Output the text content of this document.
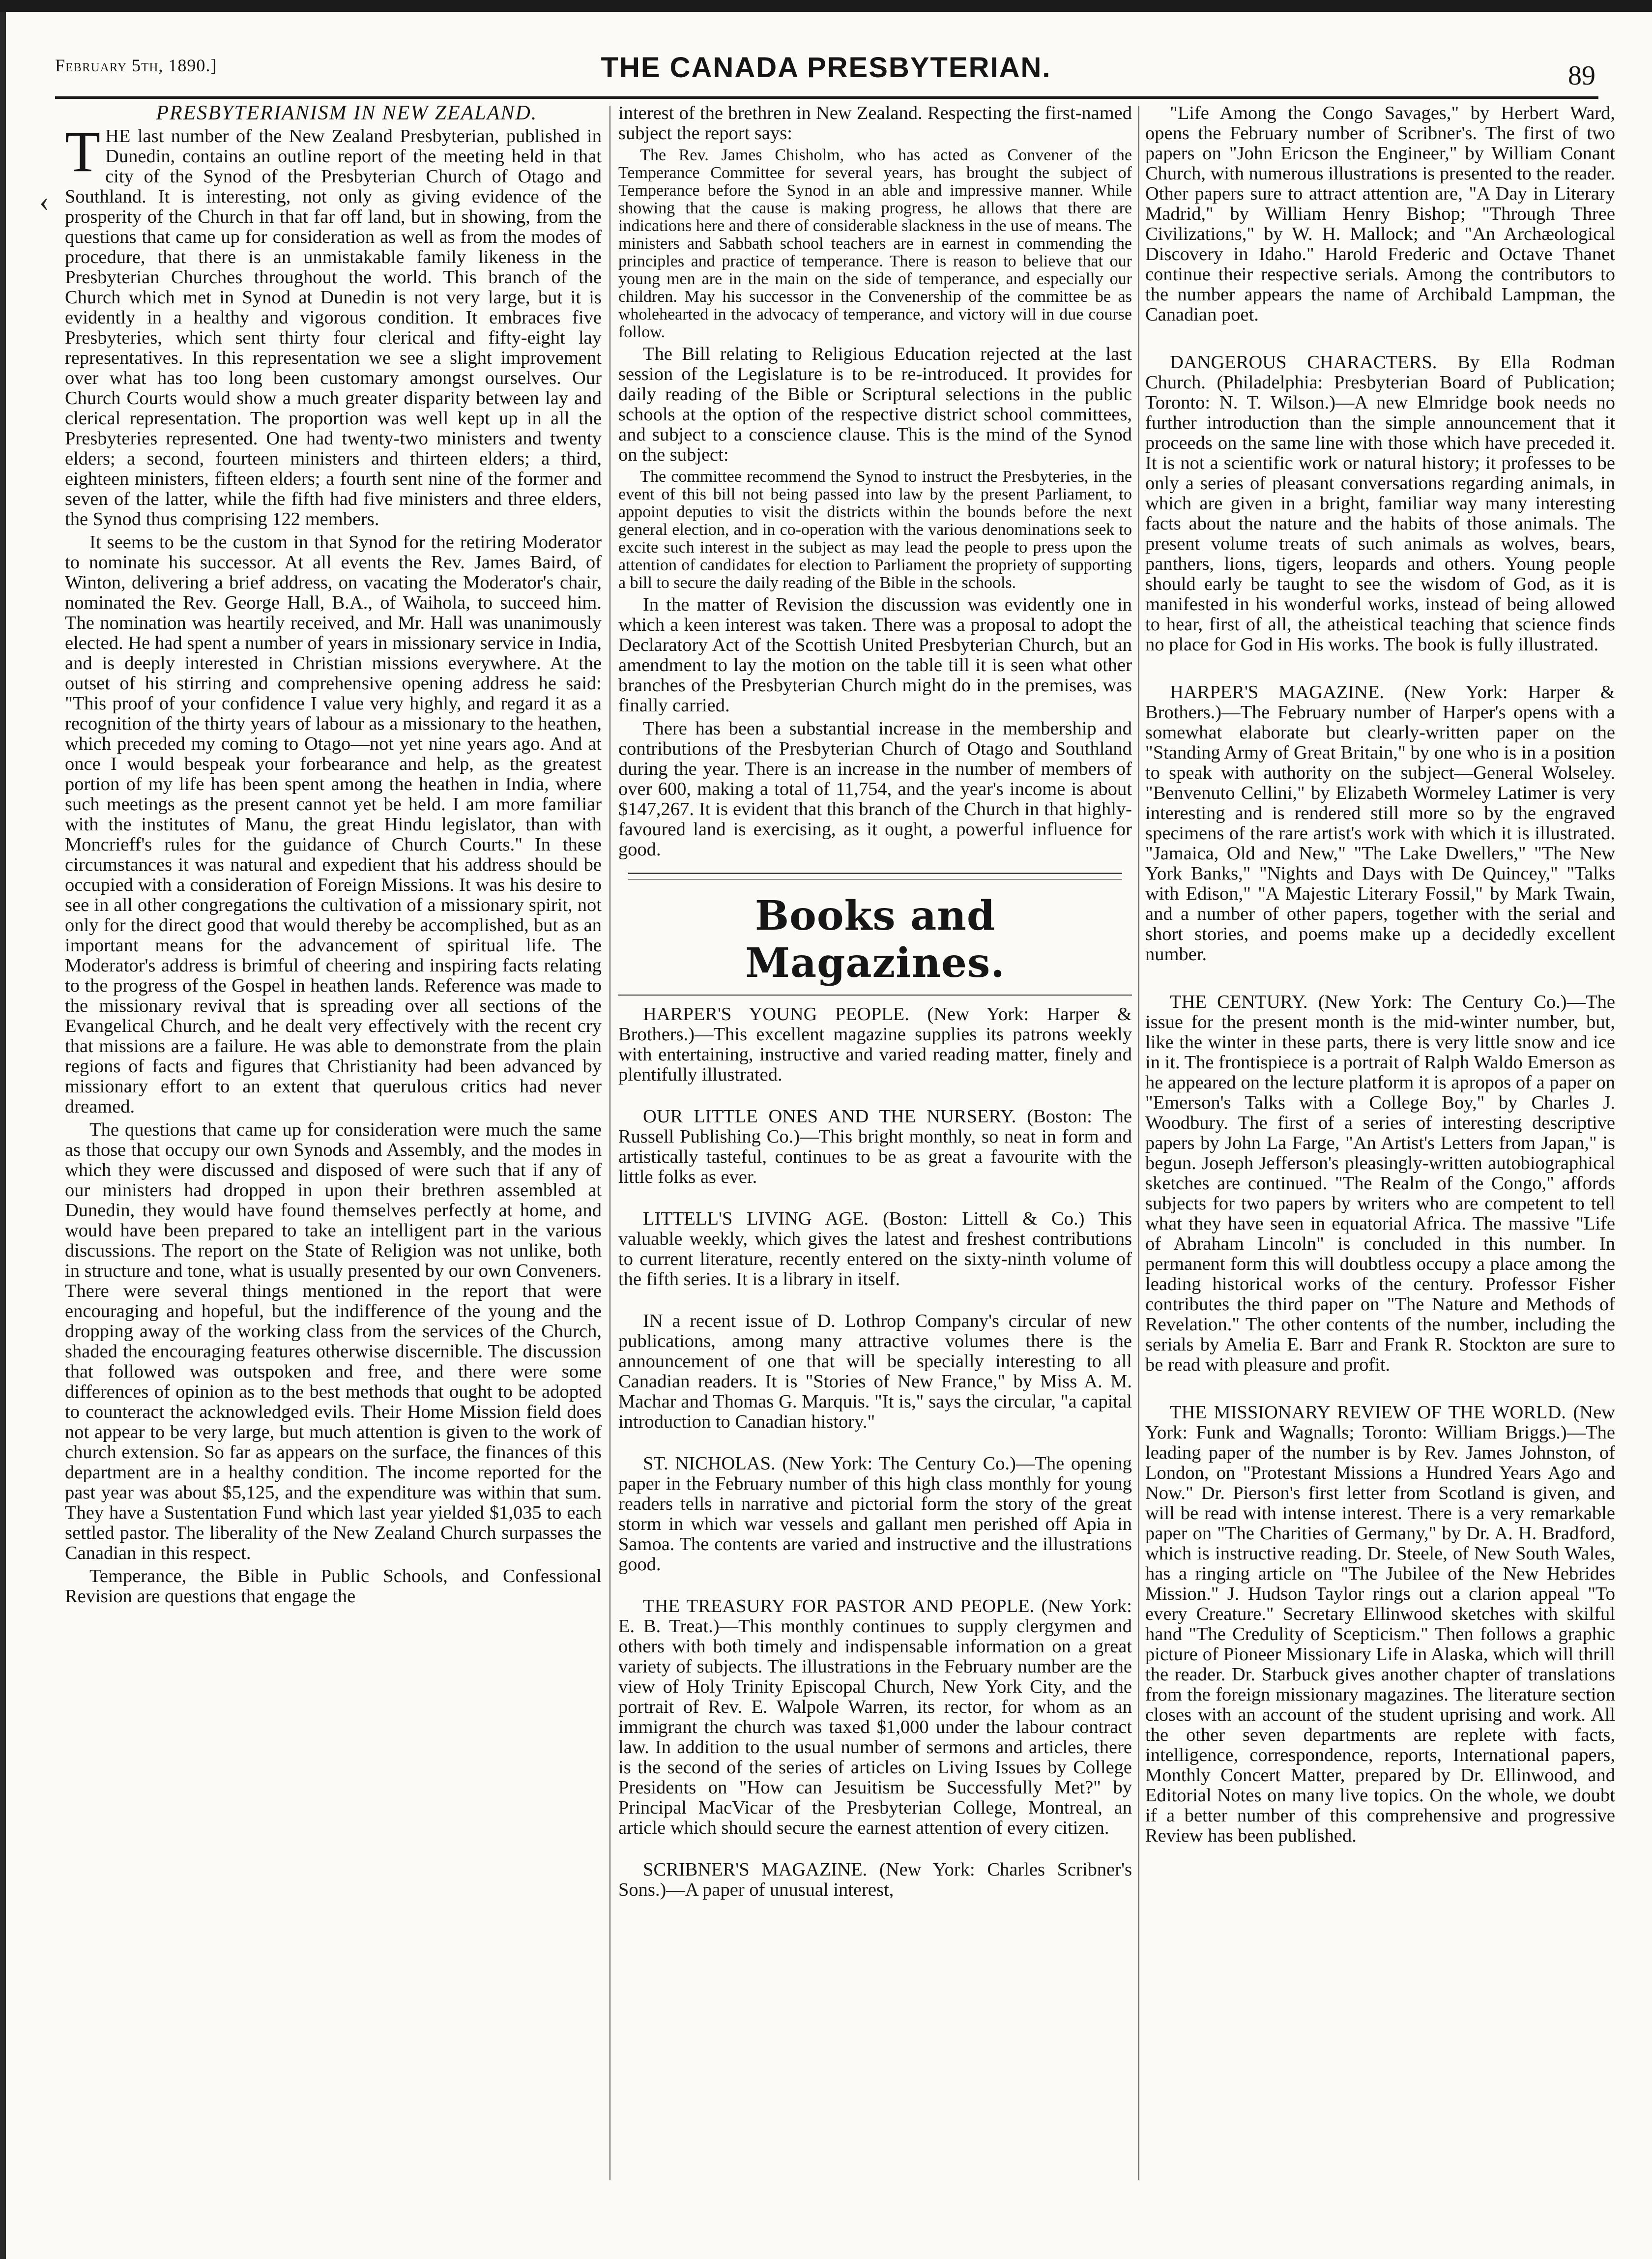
February 5th, 1890.]	THE CANADA PRESBYTERIAN.	89
‹

PRESBYTERIANISM IN NEW ZEALAND.

THE last number of the New Zealand Presbyterian, published in Dunedin, contains an outline report of the meeting held in that city of the Synod of the Presbyterian Church of Otago and Southland. It is interesting, not only as giving evidence of the prosperity of the Church in that far off land, but in showing, from the questions that came up for consideration as well as from the modes of procedure, that there is an unmistakable family likeness in the Presbyterian Churches throughout the world. This branch of the Church which met in Synod at Dunedin is not very large, but it is evidently in a healthy and vigorous condition. It embraces five Presbyteries, which sent thirty four clerical and fifty-eight lay representatives. In this representation we see a slight improvement over what has too long been customary amongst ourselves. Our Church Courts would show a much greater disparity between lay and clerical representation. The proportion was well kept up in all the Presbyteries represented. One had twenty-two ministers and twenty elders; a second, fourteen ministers and thirteen elders; a third, eighteen ministers, fifteen elders; a fourth sent nine of the former and seven of the latter, while the fifth had five ministers and three elders, the Synod thus comprising 122 members.

It seems to be the custom in that Synod for the retiring Moderator to nominate his successor. At all events the Rev. James Baird, of Winton, delivering a brief address, on vacating the Moderator's chair, nominated the Rev. George Hall, B.A., of Waihola, to succeed him. The nomination was heartily received, and Mr. Hall was unanimously elected. He had spent a number of years in missionary service in India, and is deeply interested in Christian missions everywhere. At the outset of his stirring and comprehensive opening address he said: "This proof of your confidence I value very highly, and regard it as a recognition of the thirty years of labour as a missionary to the heathen, which preceded my coming to Otago—not yet nine years ago. And at once I would bespeak your forbearance and help, as the greatest portion of my life has been spent among the heathen in India, where such meetings as the present cannot yet be held. I am more familiar with the institutes of Manu, the great Hindu legislator, than with Moncrieff's rules for the guidance of Church Courts." In these circumstances it was natural and expedient that his address should be occupied with a consideration of Foreign Missions. It was his desire to see in all other congregations the cultivation of a missionary spirit, not only for the direct good that would thereby be accomplished, but as an important means for the advancement of spiritual life. The Moderator's address is brimful of cheering and inspiring facts relating to the progress of the Gospel in heathen lands. Reference was made to the missionary revival that is spreading over all sections of the Evangelical Church, and he dealt very effectively with the recent cry that missions are a failure. He was able to demonstrate from the plain regions of facts and figures that Christianity had been advanced by missionary effort to an extent that querulous critics had never dreamed.

The questions that came up for consideration were much the same as those that occupy our own Synods and Assembly, and the modes in which they were discussed and disposed of were such that if any of our ministers had dropped in upon their brethren assembled at Dunedin, they would have found themselves perfectly at home, and would have been prepared to take an intelligent part in the various discussions. The report on the State of Religion was not unlike, both in structure and tone, what is usually presented by our own Conveners. There were several things mentioned in the report that were encouraging and hopeful, but the indifference of the young and the dropping away of the working class from the services of the Church, shaded the encouraging features otherwise discernible. The discussion that followed was outspoken and free, and there were some differences of opinion as to the best methods that ought to be adopted to counteract the acknowledged evils. Their Home Mission field does not appear to be very large, but much attention is given to the work of church extension. So far as appears on the surface, the finances of this department are in a healthy condition. The income reported for the past year was about $5,125, and the expenditure was within that sum. They have a Sustentation Fund which last year yielded $1,035 to each settled pastor. The liberality of the New Zealand Church surpasses the Canadian in this respect.

Temperance, the Bible in Public Schools, and Confessional Revision are questions that engage the

interest of the brethren in New Zealand. Respecting the first-named subject the report says:

The Rev. James Chisholm, who has acted as Convener of the Temperance Committee for several years, has brought the subject of Temperance before the Synod in an able and impressive manner. While showing that the cause is making progress, he allows that there are indications here and there of considerable slackness in the use of means. The ministers and Sabbath school teachers are in earnest in commending the principles and practice of temperance. There is reason to believe that our young men are in the main on the side of temperance, and especially our children. May his successor in the Convenership of the committee be as wholehearted in the advocacy of temperance, and victory will in due course follow.

The Bill relating to Religious Education rejected at the last session of the Legislature is to be re-introduced. It provides for daily reading of the Bible or Scriptural selections in the public schools at the option of the respective district school committees, and subject to a conscience clause. This is the mind of the Synod on the subject:

The committee recommend the Synod to instruct the Presbyteries, in the event of this bill not being passed into law by the present Parliament, to appoint deputies to visit the districts within the bounds before the next general election, and in co-operation with the various denominations seek to excite such interest in the subject as may lead the people to press upon the attention of candidates for election to Parliament the propriety of supporting a bill to secure the daily reading of the Bible in the schools.

In the matter of Revision the discussion was evidently one in which a keen interest was taken. There was a proposal to adopt the Declaratory Act of the Scottish United Presbyterian Church, but an amendment to lay the motion on the table till it is seen what other branches of the Presbyterian Church might do in the premises, was finally carried.

There has been a substantial increase in the membership and contributions of the Presbyterian Church of Otago and Southland during the year. There is an increase in the number of members of over 600, making a total of 11,754, and the year's income is about $147,267. It is evident that this branch of the Church in that highly-favoured land is exercising, as it ought, a powerful influence for good.

Books and Magazines.

HARPER'S YOUNG PEOPLE. (New York: Harper & Brothers.)—This excellent magazine supplies its patrons weekly with entertaining, instructive and varied reading matter, finely and plentifully illustrated.

OUR LITTLE ONES AND THE NURSERY. (Boston: The Russell Publishing Co.)—This bright monthly, so neat in form and artistically tasteful, continues to be as great a favourite with the little folks as ever.

LITTELL'S LIVING AGE. (Boston: Littell & Co.) This valuable weekly, which gives the latest and freshest contributions to current literature, recently entered on the sixty-ninth volume of the fifth series. It is a library in itself.

IN a recent issue of D. Lothrop Company's circular of new publications, among many attractive volumes there is the announcement of one that will be specially interesting to all Canadian readers. It is "Stories of New France," by Miss A. M. Machar and Thomas G. Marquis. "It is," says the circular, "a capital introduction to Canadian history."

ST. NICHOLAS. (New York: The Century Co.)—The opening paper in the February number of this high class monthly for young readers tells in narrative and pictorial form the story of the great storm in which war vessels and gallant men perished off Apia in Samoa. The contents are varied and instructive and the illustrations good.

THE TREASURY FOR PASTOR AND PEOPLE. (New York: E. B. Treat.)—This monthly continues to supply clergymen and others with both timely and indispensable information on a great variety of subjects. The illustrations in the February number are the view of Holy Trinity Episcopal Church, New York City, and the portrait of Rev. E. Walpole Warren, its rector, for whom as an immigrant the church was taxed $1,000 under the labour contract law. In addition to the usual number of sermons and articles, there is the second of the series of articles on Living Issues by College Presidents on "How can Jesuitism be Successfully Met?" by Principal MacVicar of the Presbyterian College, Montreal, an article which should secure the earnest attention of every citizen.

SCRIBNER'S MAGAZINE. (New York: Charles Scribner's Sons.)—A paper of unusual interest,

"Life Among the Congo Savages," by Herbert Ward, opens the February number of Scribner's. The first of two papers on "John Ericson the Engineer," by William Conant Church, with numerous illustrations is presented to the reader. Other papers sure to attract attention are, "A Day in Literary Madrid," by William Henry Bishop; "Through Three Civilizations," by W. H. Mallock; and "An Archæological Discovery in Idaho." Harold Frederic and Octave Thanet continue their respective serials. Among the contributors to the number appears the name of Archibald Lampman, the Canadian poet.

DANGEROUS CHARACTERS. By Ella Rodman Church. (Philadelphia: Presbyterian Board of Publication; Toronto: N. T. Wilson.)—A new Elmridge book needs no further introduction than the simple announcement that it proceeds on the same line with those which have preceded it. It is not a scientific work or natural history; it professes to be only a series of pleasant conversations regarding animals, in which are given in a bright, familiar way many interesting facts about the nature and the habits of those animals. The present volume treats of such animals as wolves, bears, panthers, lions, tigers, leopards and others. Young people should early be taught to see the wisdom of God, as it is manifested in his wonderful works, instead of being allowed to hear, first of all, the atheistical teaching that science finds no place for God in His works. The book is fully illustrated.

HARPER'S MAGAZINE. (New York: Harper & Brothers.)—The February number of Harper's opens with a somewhat elaborate but clearly-written paper on the "Standing Army of Great Britain," by one who is in a position to speak with authority on the subject—General Wolseley. "Benvenuto Cellini," by Elizabeth Wormeley Latimer is very interesting and is rendered still more so by the engraved specimens of the rare artist's work with which it is illustrated. "Jamaica, Old and New," "The Lake Dwellers," "The New York Banks," "Nights and Days with De Quincey," "Talks with Edison," "A Majestic Literary Fossil," by Mark Twain, and a number of other papers, together with the serial and short stories, and poems make up a decidedly excellent number.

THE CENTURY. (New York: The Century Co.)—The issue for the present month is the mid-winter number, but, like the winter in these parts, there is very little snow and ice in it. The frontispiece is a portrait of Ralph Waldo Emerson as he appeared on the lecture platform it is apropos of a paper on "Emerson's Talks with a College Boy," by Charles J. Woodbury. The first of a series of interesting descriptive papers by John La Farge, "An Artist's Letters from Japan," is begun. Joseph Jefferson's pleasingly-written autobiographical sketches are continued. "The Realm of the Congo," affords subjects for two papers by writers who are competent to tell what they have seen in equatorial Africa. The massive "Life of Abraham Lincoln" is concluded in this number. In permanent form this will doubtless occupy a place among the leading historical works of the century. Professor Fisher contributes the third paper on "The Nature and Methods of Revelation." The other contents of the number, including the serials by Amelia E. Barr and Frank R. Stockton are sure to be read with pleasure and profit.

THE MISSIONARY REVIEW OF THE WORLD. (New York: Funk and Wagnalls; Toronto: William Briggs.)—The leading paper of the number is by Rev. James Johnston, of London, on "Protestant Missions a Hundred Years Ago and Now." Dr. Pierson's first letter from Scotland is given, and will be read with intense interest. There is a very remarkable paper on "The Charities of Germany," by Dr. A. H. Bradford, which is instructive reading. Dr. Steele, of New South Wales, has a ringing article on "The Jubilee of the New Hebrides Mission." J. Hudson Taylor rings out a clarion appeal "To every Creature." Secretary Ellinwood sketches with skilful hand "The Credulity of Scepticism." Then follows a graphic picture of Pioneer Missionary Life in Alaska, which will thrill the reader. Dr. Starbuck gives another chapter of translations from the foreign missionary magazines. The literature section closes with an account of the student uprising and work. All the other seven departments are replete with facts, intelligence, correspondence, reports, International papers, Monthly Concert Matter, prepared by Dr. Ellinwood, and Editorial Notes on many live topics. On the whole, we doubt if a better number of this comprehensive and progressive Review has been published.
